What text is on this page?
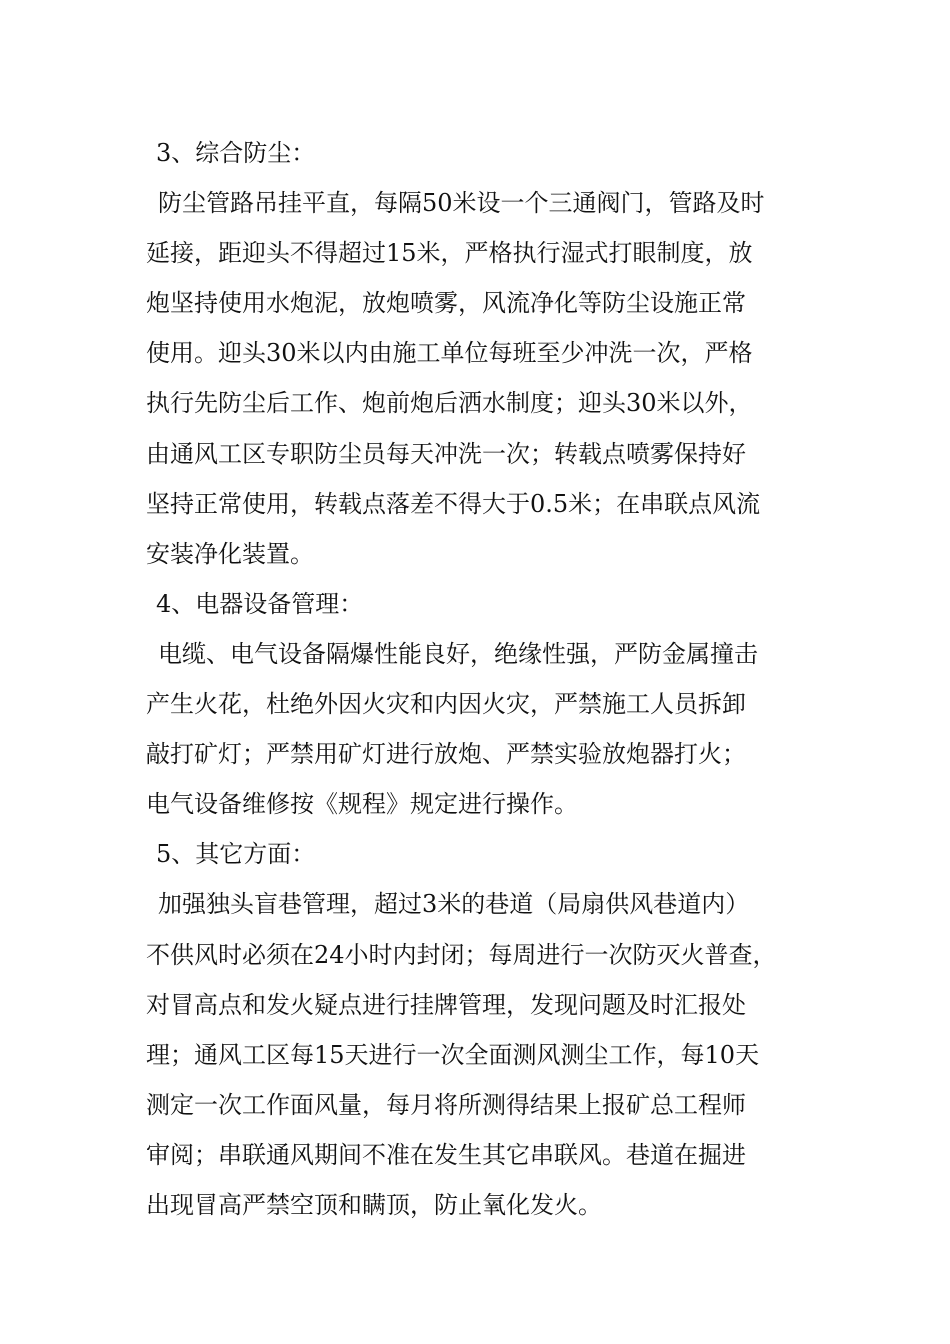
3、综合防尘：
防尘管路吊挂平直，每隔50米设一个三通阀门，管路及时
延接，距迎头不得超过15米，严格执行湿式打眼制度，放
炮坚持使用水炮泥，放炮喷雾，风流净化等防尘设施正常
使用。迎头30米以内由施工单位每班至少冲洗一次，严格
执行先防尘后工作、炮前炮后洒水制度；迎头30米以外，
由通风工区专职防尘员每天冲洗一次；转载点喷雾保持好
坚持正常使用，转载点落差不得大于0.5米；在串联点风流
安装净化装置。
4、电器设备管理：
电缆、电气设备隔爆性能良好，绝缘性强，严防金属撞击
产生火花，杜绝外因火灾和内因火灾，严禁施工人员拆卸
敲打矿灯；严禁用矿灯进行放炮、严禁实验放炮器打火；
电气设备维修按《规程》规定进行操作。
5、其它方面：
加强独头盲巷管理，超过3米的巷道（局扇供风巷道内）
不供风时必须在24小时内封闭；每周进行一次防灭火普查，
对冒高点和发火疑点进行挂牌管理，发现问题及时汇报处
理；通风工区每15天进行一次全面测风测尘工作，每10天
测定一次工作面风量，每月将所测得结果上报矿总工程师
审阅；串联通风期间不准在发生其它串联风。巷道在掘进
出现冒高严禁空顶和瞒顶，防止氧化发火。
